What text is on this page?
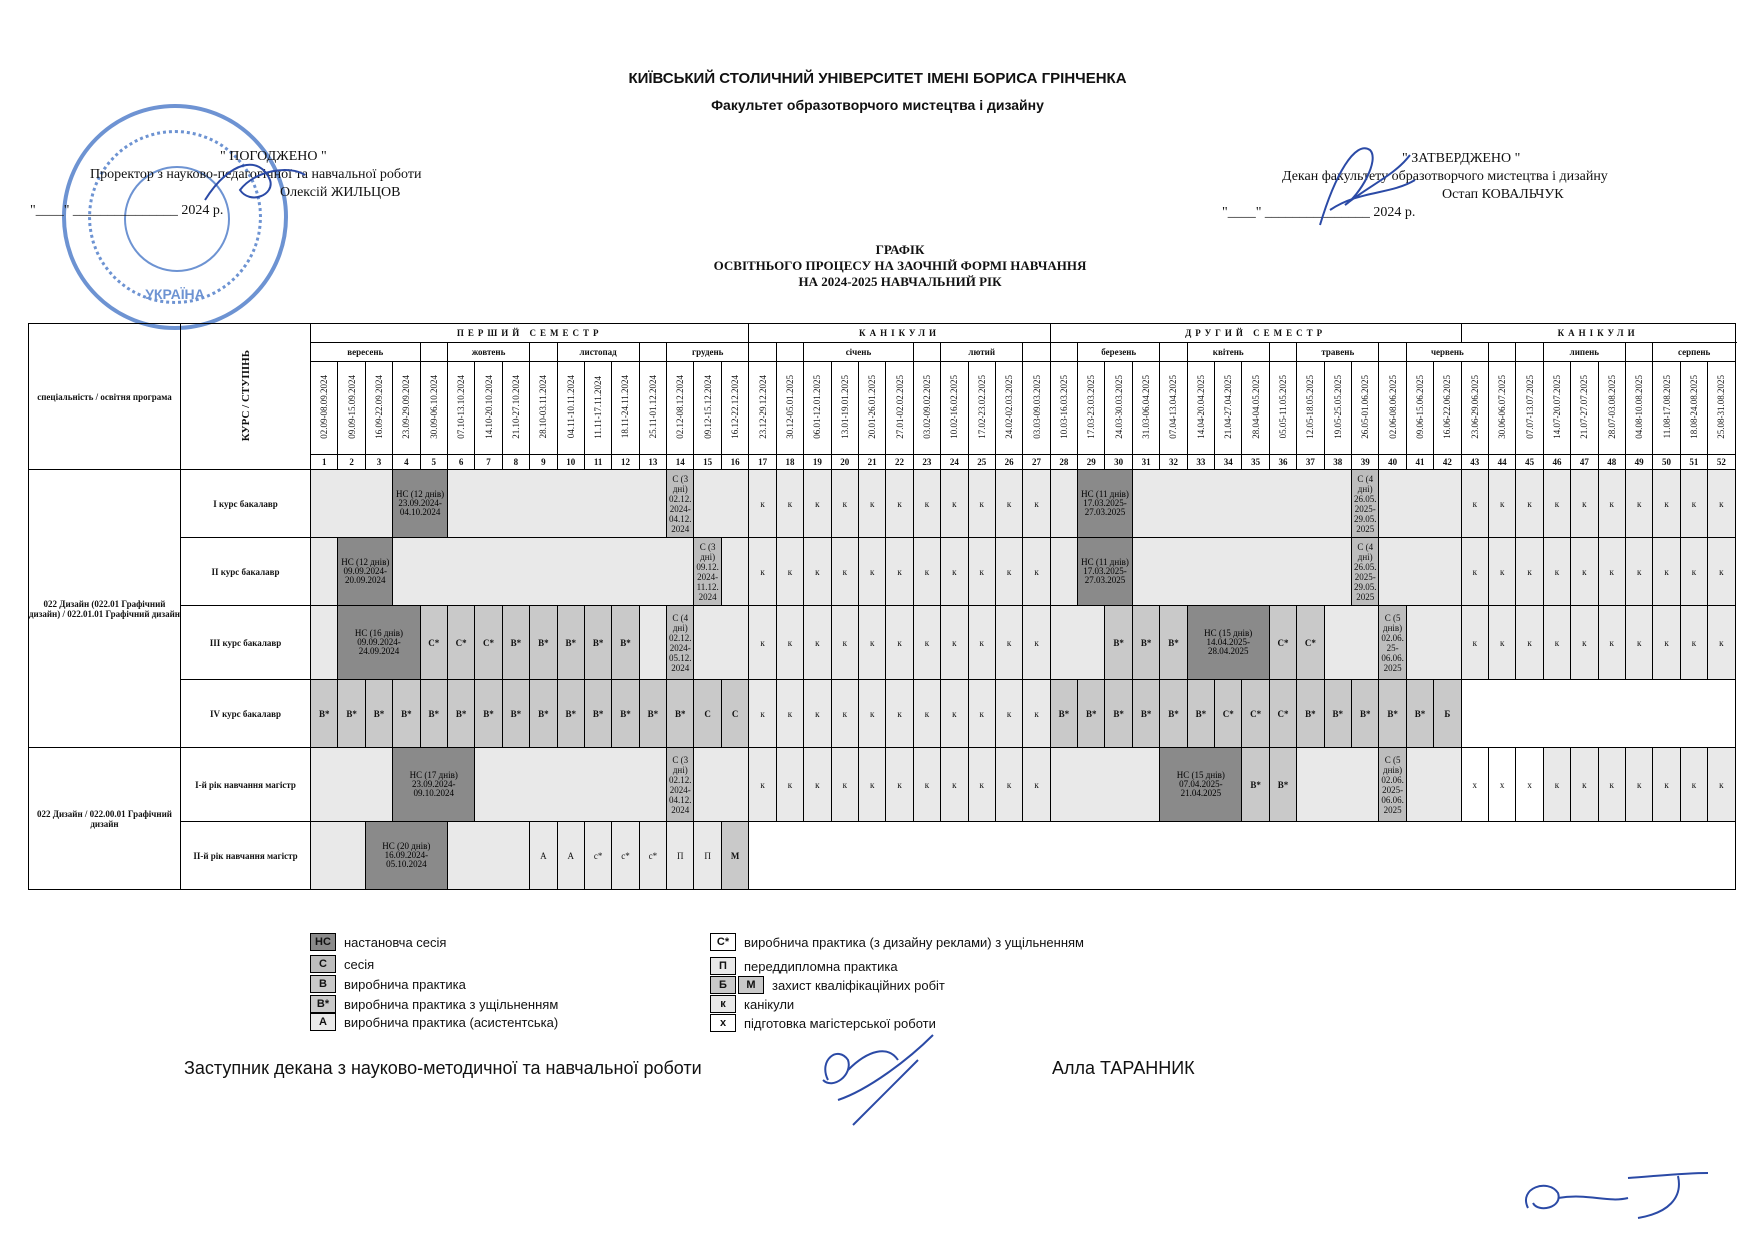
КИЇВСЬКИЙ СТОЛИЧНИЙ УНІВЕРСИТЕТ ІМЕНІ БОРИСА ГРІНЧЕНКА
Факультет образотворчого мистецтва і дизайну
УКРАЇНА
" ПОГОДЖЕНО "
Проректор з науково-педагогічної та навчальної роботи
Олексій ЖИЛЬЦОВ
"____" _______________ 2024 р.
" ЗАТВЕРДЖЕНО "
Декан факультету образотворчого мистецтва і дизайну
Остап КОВАЛЬЧУК
"____" _______________ 2024 р.
ГРАФІК
ОСВІТНЬОГО ПРОЦЕСУ НА ЗАОЧНІЙ ФОРМІ НАВЧАННЯ
НА 2024-2025 НАВЧАЛЬНИЙ РІК
спеціальність / освітня програма	КУРС / СТУПІНЬ	ПЕРШИЙ СЕМЕСТР																КАНІКУЛИ											ДРУГИЙ СЕМЕСТР															КАНІКУЛИ									
		вересень					жовтень				листопад				грудень					січень					лютий					березень				квітень				травень				червень					липень				серпень		
		02.09-08.09.2024	09.09-15.09.2024	16.09-22.09.2024	23.09-29.09.2024	30.09-06.10.2024	07.10-13.10.2024	14.10-20.10.2024	21.10-27.10.2024	28.10-03.11.2024	04.11-10.11.2024	11.11-17.11.2024	18.11-24.11.2024	25.11-01.12.2024	02.12-08.12.2024	09.12-15.12.2024	16.12-22.12.2024	23.12-29.12.2024	30.12-05.01.2025	06.01-12.01.2025	13.01-19.01.2025	20.01-26.01.2025	27.01-02.02.2025	03.02-09.02.2025	10.02-16.02.2025	17.02-23.02.2025	24.02-02.03.2025	03.03-09.03.2025	10.03-16.03.2025	17.03-23.03.2025	24.03-30.03.2025	31.03-06.04.2025	07.04-13.04.2025	14.04-20.04.2025	21.04-27.04.2025	28.04-04.05.2025	05.05-11.05.2025	12.05-18.05.2025	19.05-25.05.2025	26.05-01.06.2025	02.06-08.06.2025	09.06-15.06.2025	16.06-22.06.2025	23.06-29.06.2025	30.06-06.07.2025	07.07-13.07.2025	14.07-20.07.2025	21.07-27.07.2025	28.07-03.08.2025	04.08-10.08.2025	11.08-17.08.2025	18.08-24.08.2025	25.08-31.08.2025
		1	2	3	4	5	6	7	8	9	10	11	12	13	14	15	16	17	18	19	20	21	22	23	24	25	26	27	28	29	30	31	32	33	34	35	36	37	38	39	40	41	42	43	44	45	46	47	48	49	50	51	52
022 Дизайн (022.01 Графічний дизайн) / 022.01.01 Графічний дизайн	І курс бакалавр				НС (12 днів) 23.09.2024-04.10.2024										С (3 дні) 02.12. 2024-04.12. 2024			к	к	к	к	к	к	к	к	к	к	к		НС (11 днів) 17.03.2025-27.03.2025										С (4 дні) 26.05. 2025-29.05. 2025				к	к	к	к	к	к	к	к	к	к
	ІІ курс бакалавр		НС (12 днів) 09.09.2024-20.09.2024													С (3 дні) 09.12. 2024-11.12. 2024		к	к	к	к	к	к	к	к	к	к	к		НС (11 днів) 17.03.2025-27.03.2025										С (4 дні) 26.05. 2025-29.05. 2025				к	к	к	к	к	к	к	к	к	к
	ІІІ курс бакалавр		НС (16 днів) 09.09.2024-24.09.2024			С*	С*	С*	В*	В*	В*	В*	В*		С (4 дні) 02.12. 2024-05.12. 2024			к	к	к	к	к	к	к	к	к	к	к			В*	В*	В*	НС (15 днів) 14.04.2025-28.04.2025			С*	С*			С (5 днів) 02.06. 25-06.06. 2025			к	к	к	к	к	к	к	к	к	к
	IV курс бакалавр	В*	В*	В*	В*	В*	В*	В*	В*	В*	В*	В*	В*	В*	В*	С	С	к	к	к	к	к	к	к	к	к	к	к	В*	В*	В*	В*	В*	В*	С*	С*	С*	В*	В*	В*	В*	В*	Б										
022 Дизайн / 022.00.01 Графічний дизайн	І-й рік навчання магістр				НС (17 днів) 23.09.2024-09.10.2024										С (3 дні) 02.12. 2024-04.12. 2024			к	к	к	к	к	к	к	к	к	к	к					НС (15 днів) 07.04.2025-21.04.2025			В*	В*				С (5 днів) 02.06. 2025-06.06. 2025			х	х	х	к	к	к	к	к	к	к
	ІІ-й рік навчання магістр			НС (20 днів) 16.09.2024-05.10.2024						А	А	с*	с*	с*	П	П	М																																				
НС	настановча сесія
С	сесія
В	виробнича практика
В*	виробнича практика з ущільненням
А	виробнича практика (асистентська)
С*	виробнича практика (з дизайну реклами) з ущільненням
П	переддипломна практика
Б	М	захист кваліфікаційних робіт
к	канікули
х	підготовка магістерської роботи
Заступник декана з науково-методичної та навчальної роботи	Алла ТАРАННИК
